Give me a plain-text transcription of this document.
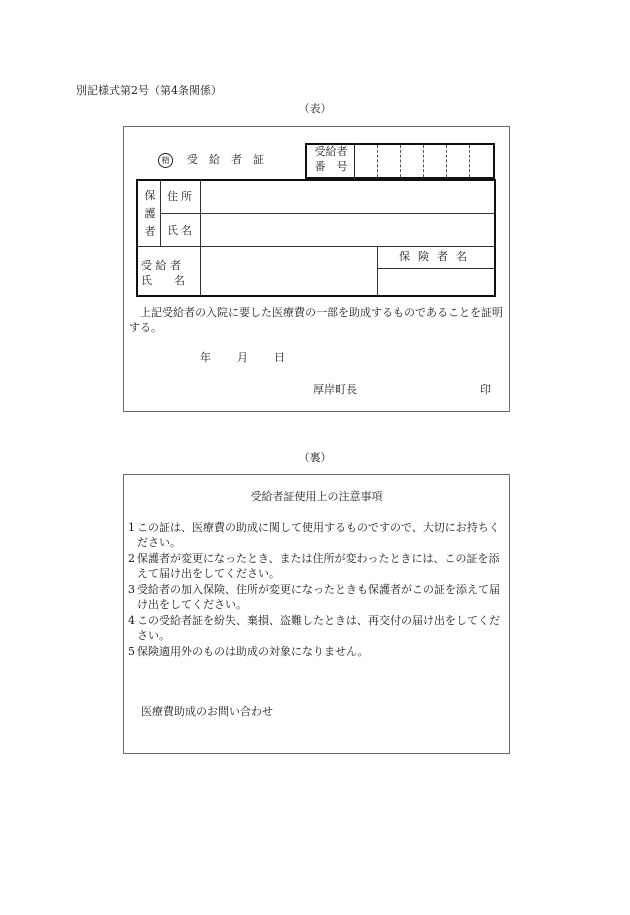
別記様式第2号（第4条関係）
（表）
精	受給者証
受給者
番　号
保
護
者
住所
氏名
受 給 者
氏　　名
保険者名
上記受給者の入院に要した医療費の一部を助成するものであることを証明する。
年 月 日
厚岸町長	印
（裏）
受給者証使用上の注意事項
1 この証は、医療費の助成に関して使用するものですので、大切にお持ちください。
2 保護者が変更になったとき、または住所が変わったときには、この証を添えて届け出をしてください。
3 受給者の加入保険、住所が変更になったときも保護者がこの証を添えて届け出をしてください。
4 この受給者証を紛失、棄損、盗難したときは、再交付の届け出をしてください。
5 保険適用外のものは助成の対象になりません。
医療費助成のお問い合わせ
